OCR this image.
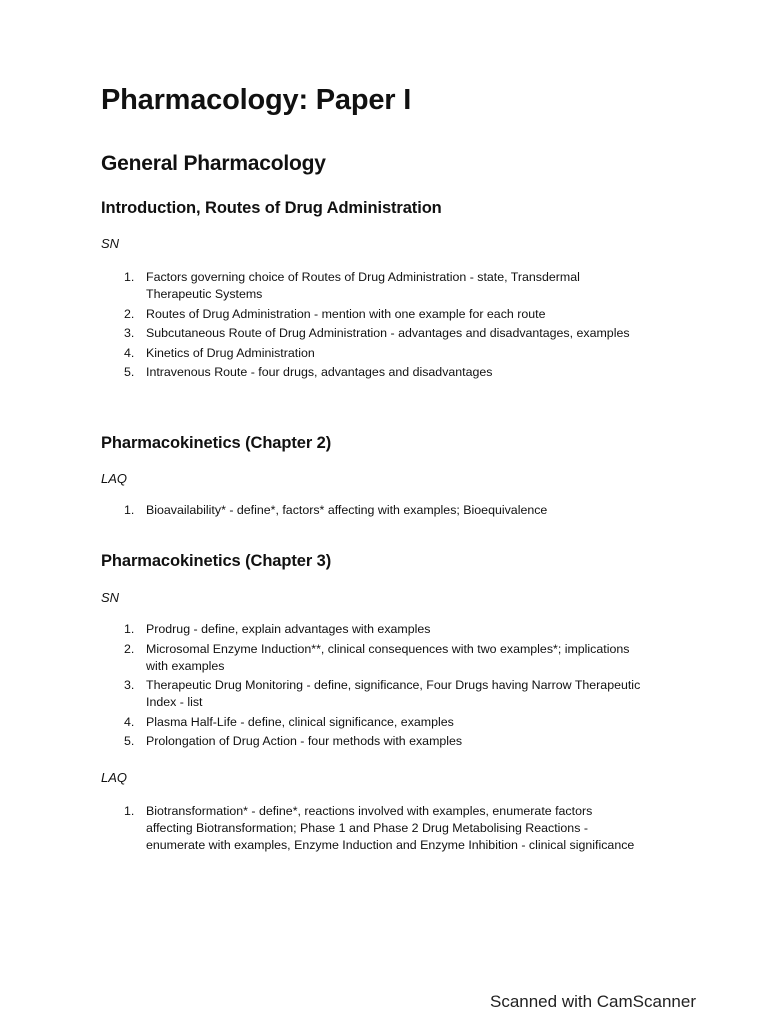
Pharmacology: Paper I
General Pharmacology
Introduction, Routes of Drug Administration

SN

1. Factors governing choice of Routes of Drug Administration - state, Transdermal Therapeutic Systems
2. Routes of Drug Administration - mention with one example for each route
3. Subcutaneous Route of Drug Administration - advantages and disadvantages, examples
4. Kinetics of Drug Administration
5. Intravenous Route - four drugs, advantages and disadvantages
Pharmacokinetics (Chapter 2)

LAQ

1. Bioavailability* - define*, factors* affecting with examples; Bioequivalence
Pharmacokinetics (Chapter 3)

SN

1. Prodrug - define, explain advantages with examples
2. Microsomal Enzyme Induction**, clinical consequences with two examples*; implications with examples
3. Therapeutic Drug Monitoring - define, significance, Four Drugs having Narrow Therapeutic Index - list
4. Plasma Half-Life - define, clinical significance, examples
5. Prolongation of Drug Action - four methods with examples

LAQ

1. Biotransformation* - define*, reactions involved with examples, enumerate factors affecting Biotransformation; Phase 1 and Phase 2 Drug Metabolising Reactions - enumerate with examples, Enzyme Induction and Enzyme Inhibition - clinical significance
Scanned with CamScanner
